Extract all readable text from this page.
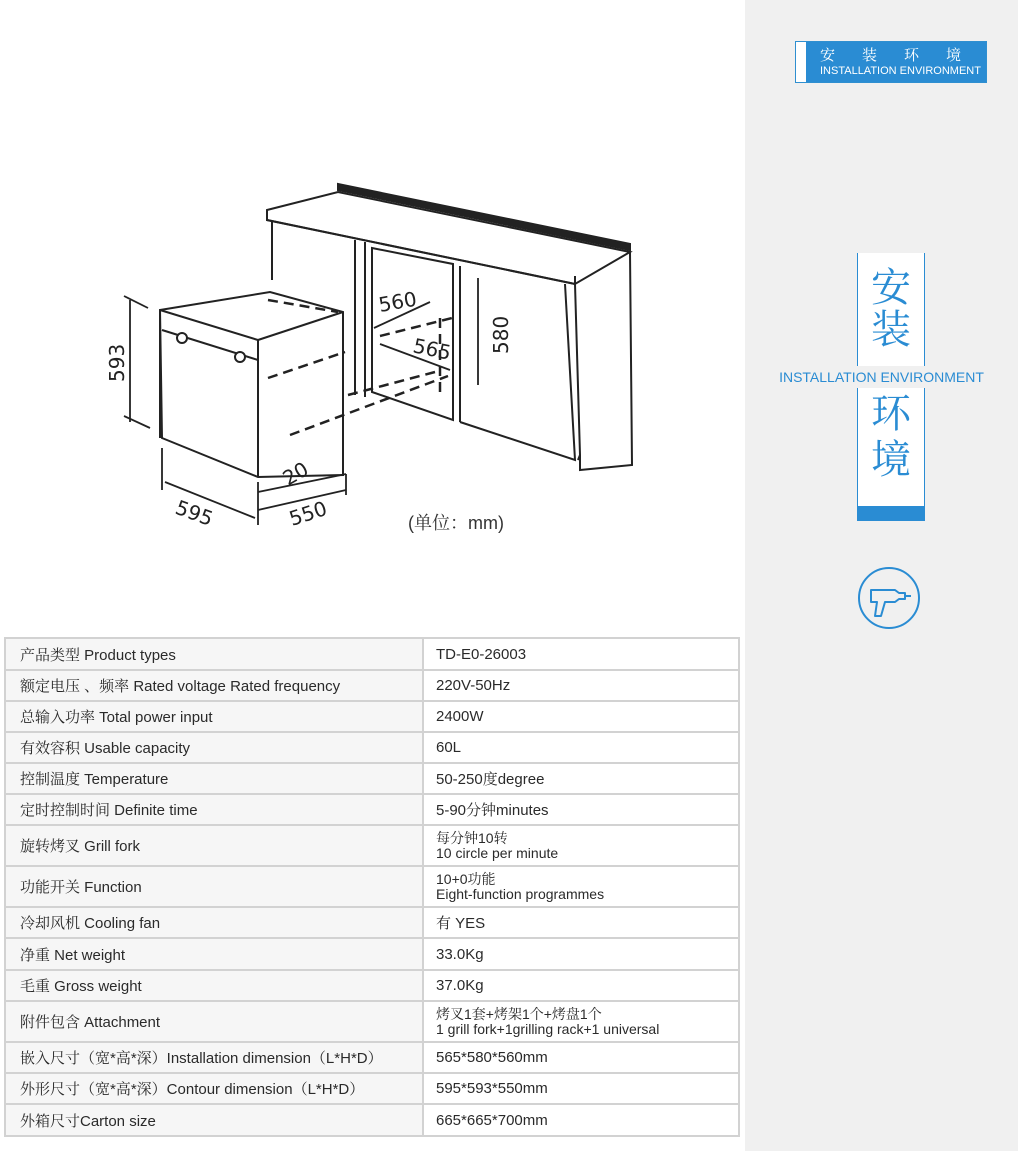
安装环境
INSTALLATION ENVIRONMENT
安
装
环
境
INSTALLATION ENVIRONMENT
593
595	550
20
560
565 580
(单位：mm)
产品类型 Product types	TD-E0-26003

额定电压 、频率 Rated voltage Rated frequency	220V-50Hz

总输入功率 Total power input	2400W

有效容积 Usable capacity	60L

控制温度 Temperature	50-250度degree

定时控制时间 Definite time	5-90分钟minutes

旋转烤叉 Grill fork	每分钟10转
10 circle per minute

功能开关 Function	10+0功能
Eight-function programmes

冷却风机 Cooling fan	有 YES

净重 Net weight	33.0Kg

毛重 Gross weight	37.0Kg

附件包含 Attachment	烤叉1套+烤架1个+烤盘1个
1 grill fork+1grilling rack+1 universal

嵌入尺寸（宽*高*深）Installation dimension（L*H*D）	565*580*560mm

外形尺寸（宽*高*深）Contour dimension（L*H*D）	595*593*550mm

外箱尺寸Carton size	665*665*700mm
